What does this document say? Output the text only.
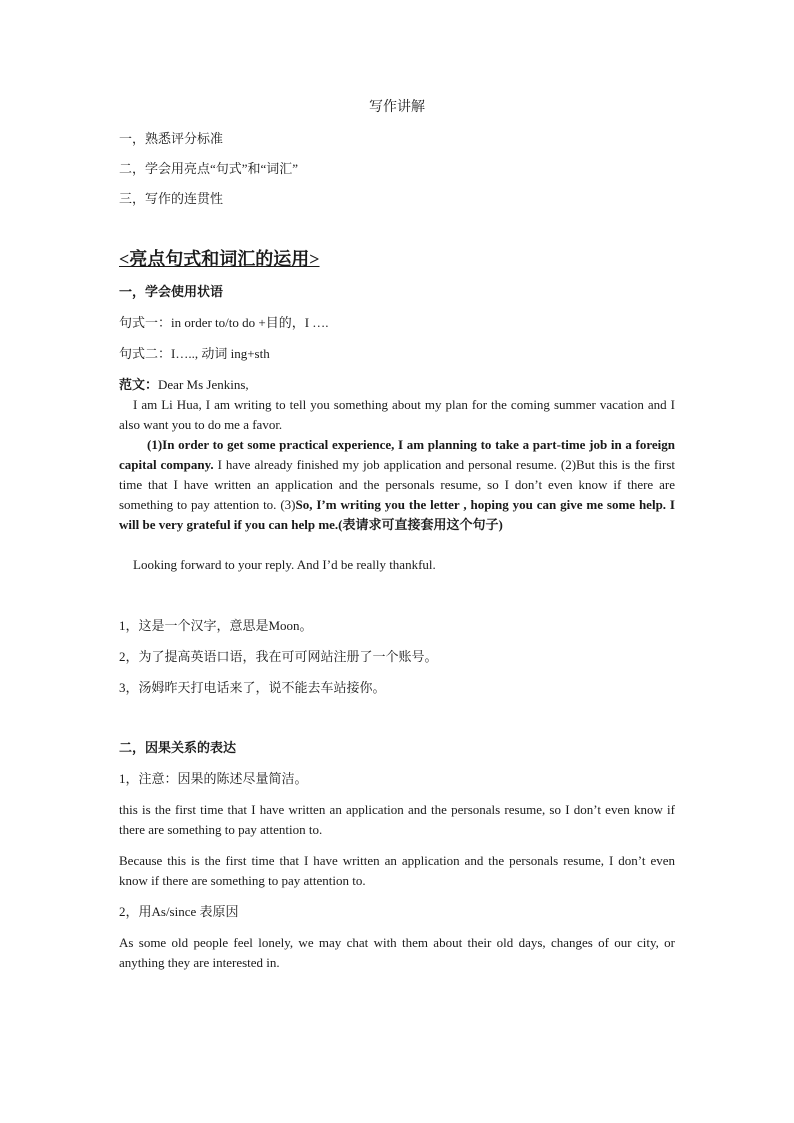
写作讲解

一，熟悉评分标准

二，学会用亮点“句式”和“词汇”

三，写作的连贯性

<亮点句式和词汇的运用>

一，学会使用状语

句式一：in order to/to do +目的，I ….

句式二：I….., 动词 ing+sth

范文：Dear Ms Jenkins,

I am Li Hua, I am writing to tell you something about my plan for the coming summer vacation and I also want you to do me a favor.

(1)In order to get some practical experience, I am planning to take a part-time job in a foreign capital company. I have already finished my job application and personal resume. (2)But this is the first time that I have written an application and the personals resume, so I don’t even know if there are something to pay attention to. (3)So, I’m writing you the letter , hoping you can give me some help. I will be very grateful if you can help me.(表请求可直接套用这个句子)

Looking forward to your reply. And I’d be really thankful.

1，这是一个汉字，意思是Moon。

2，为了提高英语口语，我在可可网站注册了一个账号。

3，汤姆昨天打电话来了，说不能去车站接你。

二，因果关系的表达

1，注意：因果的陈述尽量简洁。

this is the first time that I have written an application and the personals resume, so I don’t even know if there are something to pay attention to.

Because this is the first time that I have written an application and the personals resume, I don’t even know if there are something to pay attention to.

2，用As/since 表原因

As some old people feel lonely, we may chat with them about their old days, changes of our city, or anything they are interested in.
